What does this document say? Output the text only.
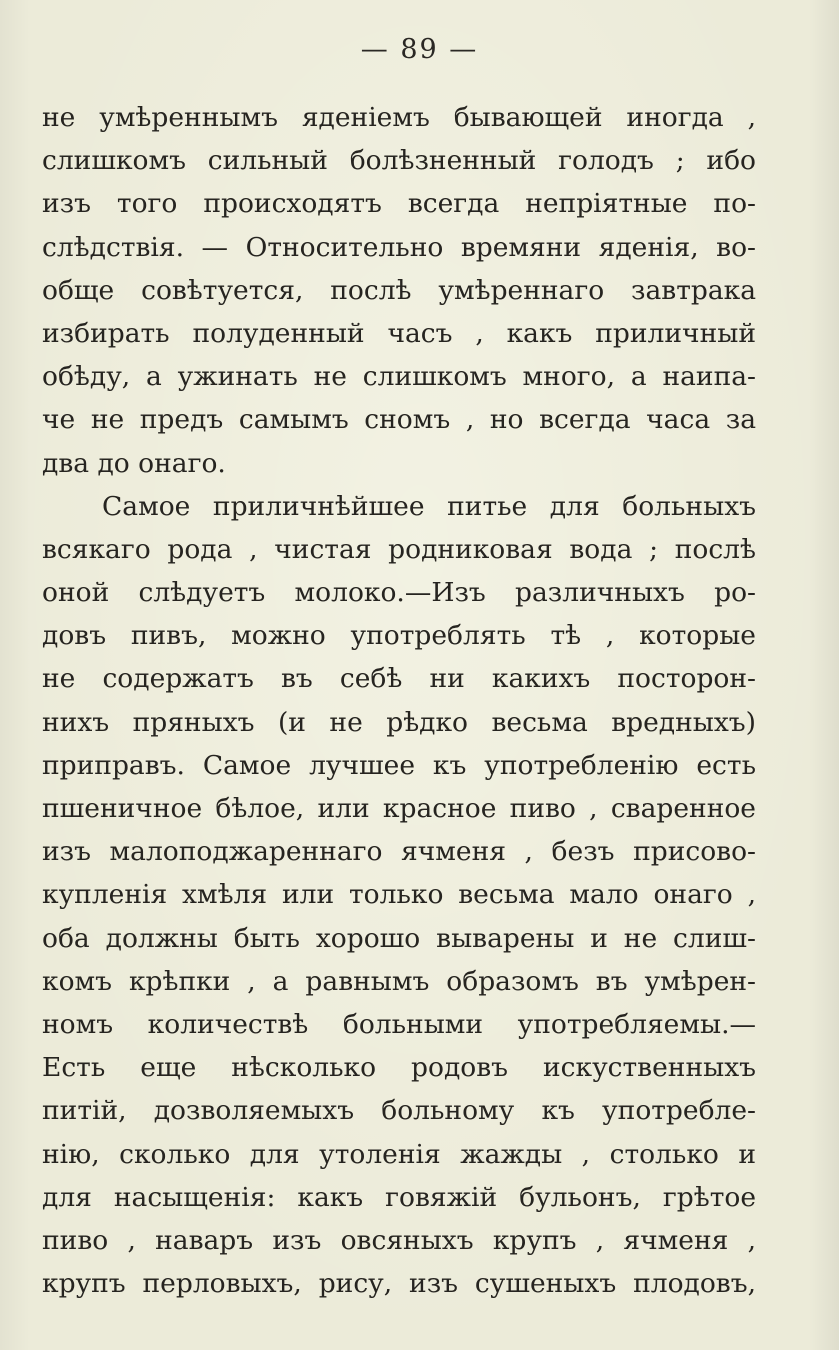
— 89 —
не умѣреннымъ яденіемъ бывающей иногда ,
слишкомъ сильный болѣзненный голодъ ; ибо
изъ того происходятъ всегда непріятные по-
слѣдствія. — Относительно времяни яденія, во-
обще совѣтуется, послѣ умѣреннаго завтрака
избирать полуденный часъ , какъ приличный
обѣду, а ужинать не слишкомъ много, а наипа-
че не предъ самымъ сномъ , но всегда часа за
два до онаго.
Самое приличнѣйшее питье для больныхъ
всякаго рода , чистая родниковая вода ; послѣ
оной слѣдуетъ молоко.—Изъ различныхъ ро-
довъ пивъ, можно употреблять тѣ , которые
не содержатъ въ себѣ ни какихъ посторон-
нихъ пряныхъ (и не рѣдко весьма вредныхъ)
приправъ. Самое лучшее къ употребленію есть
пшеничное бѣлое, или красное пиво , сваренное
изъ малоподжареннаго ячменя , безъ присово-
купленія хмѣля или только весьма мало онаго ,
оба должны быть хорошо выварены и не слиш-
комъ крѣпки , а равнымъ образомъ въ умѣрен-
номъ количествѣ больными употребляемы.—
Есть еще нѣсколько родовъ искуственныхъ
питій, дозволяемыхъ больному къ употребле-
нію, сколько для утоленія жажды , столько и
для насыщенія: какъ говяжій бульонъ, грѣтое
пиво , наваръ изъ овсяныхъ крупъ , ячменя ,
крупъ перловыхъ, рису, изъ сушеныхъ плодовъ,
